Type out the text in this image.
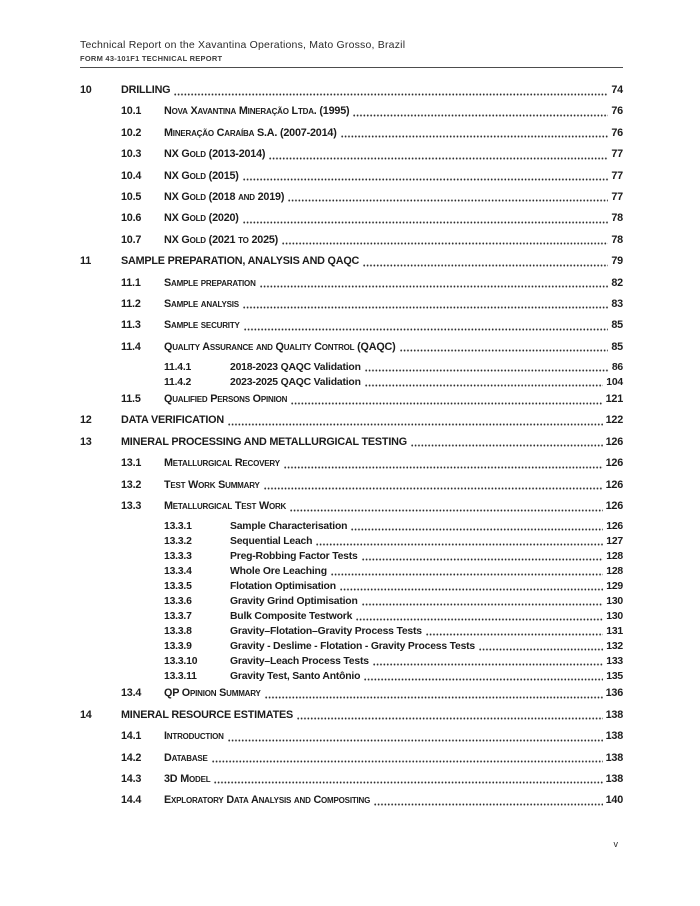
Technical Report on the Xavantina Operations, Mato Grosso, Brazil
FORM 43-101F1 TECHNICAL REPORT
10	DRILLING	74
10.1	Nova Xavantina Mineração Ltda. (1995)	76
10.2	Mineração Caraíba S.A. (2007-2014)	76
10.3	NX Gold (2013-2014)	77
10.4	NX Gold (2015)	77
10.5	NX Gold (2018 and 2019)	77
10.6	NX Gold (2020)	78
10.7	NX Gold (2021 to 2025)	78
11	SAMPLE PREPARATION, ANALYSIS AND QAQC	79
11.1	Sample preparation	82
11.2	Sample analysis	83
11.3	Sample security	85
11.4	Quality Assurance and Quality Control (QAQC)	85
11.4.1	2018-2023 QAQC Validation	86
11.4.2	2023-2025 QAQC Validation	104
11.5	Qualified Persons Opinion	121
12	DATA VERIFICATION	122
13	MINERAL PROCESSING AND METALLURGICAL TESTING	126
13.1	Metallurgical Recovery	126
13.2	Test Work Summary	126
13.3	Metallurgical Test Work	126
13.3.1	Sample Characterisation	126
13.3.2	Sequential Leach	127
13.3.3	Preg-Robbing Factor Tests	128
13.3.4	Whole Ore Leaching	128
13.3.5	Flotation Optimisation	129
13.3.6	Gravity Grind Optimisation	130
13.3.7	Bulk Composite Testwork	130
13.3.8	Gravity–Flotation–Gravity Process Tests	131
13.3.9	Gravity - Deslime - Flotation - Gravity Process Tests	132
13.3.10	Gravity–Leach Process Tests	133
13.3.11	Gravity Test, Santo Antônio	135
13.4	QP Opinion Summary	136
14	MINERAL RESOURCE ESTIMATES	138
14.1	Introduction	138
14.2	Database	138
14.3	3D Model	138
14.4	Exploratory Data Analysis and Compositing	140
v
